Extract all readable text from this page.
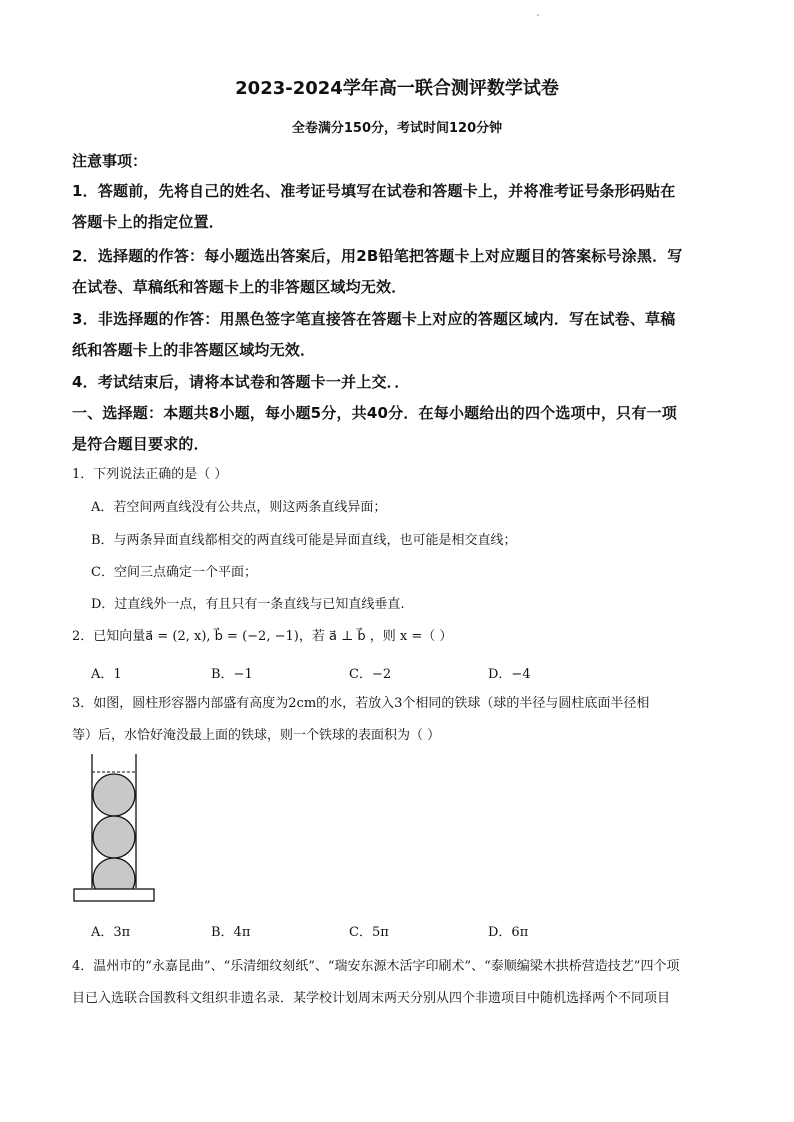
2023-2024学年高一联合测评数学试卷
全卷满分150分，考试时间120分钟
注意事项：
1．答题前，先将自己的姓名、准考证号填写在试卷和答题卡上，并将准考证号条形码贴在
答题卡上的指定位置．
2．选择题的作答：每小题选出答案后，用2B铅笔把答题卡上对应题目的答案标号涂黑．写
在试卷、草稿纸和答题卡上的非答题区域均无效．
3．非选择题的作答：用黑色签字笔直接答在答题卡上对应的答题区域内．写在试卷、草稿
纸和答题卡上的非答题区域均无效．
4．考试结束后，请将本试卷和答题卡一并上交．．
一、选择题：本题共8小题，每小题5分，共40分．在每小题给出的四个选项中，只有一项
是符合题目要求的．
1．下列说法正确的是（ ）
A．若空间两直线没有公共点，则这两条直线异面；
B．与两条异面直线都相交的两直线可能是异面直线，也可能是相交直线；
C．空间三点确定一个平面；
D．过直线外一点，有且只有一条直线与已知直线垂直.
2．已知向量a⃗ = (2, x), b⃗ = (−2, −1)，若 a⃗ ⊥ b⃗ ，则 x =（ ）
A．1	B．−1	C．−2	D．−4
3．如图，圆柱形容器内部盛有高度为2cm的水，若放入3个相同的铁球（球的半径与圆柱底面半径相
等）后，水恰好淹没最上面的铁球，则一个铁球的表面积为（ ）
A．3π	B．4π	C．5π	D．6π
4．温州市的“永嘉昆曲”、“乐清细纹刻纸”、“瑞安东源木活字印刷术”、“泰顺编梁木拱桥营造技艺”四个项
目已入选联合国教科文组织非遗名录．某学校计划周末两天分别从四个非遗项目中随机选择两个不同项目
